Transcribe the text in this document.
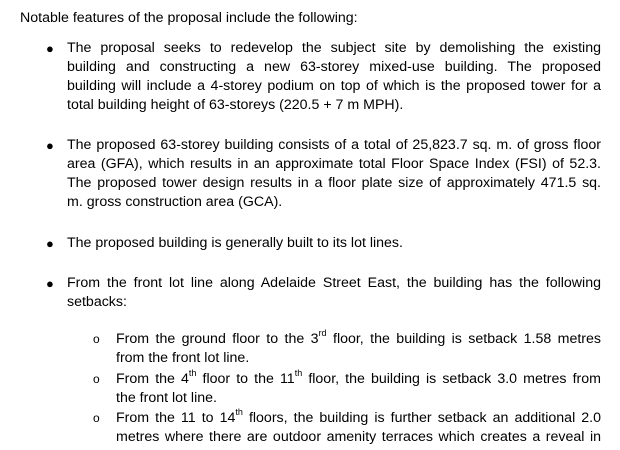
Notable features of the proposal include the following:
● The proposal seeks to redevelop the subject site by demolishing the existing
building and constructing a new 63-storey mixed-use building. The proposed
building will include a 4-storey podium on top of which is the proposed tower for a
total building height of 63-storeys (220.5 + 7 m MPH).
● The proposed 63-storey building consists of a total of 25,823.7 sq. m. of gross floor
area (GFA), which results in an approximate total Floor Space Index (FSI) of 52.3.
The proposed tower design results in a floor plate size of approximately 471.5 sq.
m. gross construction area (GCA).
● The proposed building is generally built to its lot lines.
● From the front lot line along Adelaide Street East, the building has the following
setbacks:
o From the ground floor to the 3rd floor, the building is setback 1.58 metres
from the front lot line.
o From the 4th floor to the 11th floor, the building is setback 3.0 metres from
the front lot line.
o From the 11 to 14th floors, the building is further setback an additional 2.0
metres where there are outdoor amenity terraces which creates a reveal in
